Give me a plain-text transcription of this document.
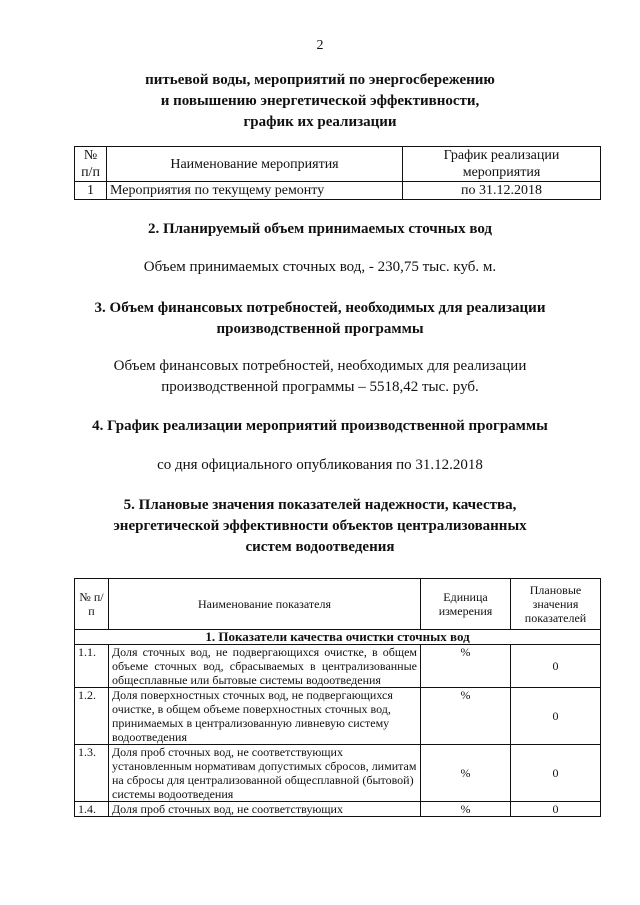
2
питьевой воды, мероприятий по энергосбережению
и повышению энергетической эффективности,
график их реализации
№ п/п	Наименование мероприятия	График реализации мероприятия
1	Мероприятия по текущему ремонту	по 31.12.2018
2. Планируемый объем принимаемых сточных вод
Объем принимаемых сточных вод, - 230,75 тыс. куб. м.
3. Объем финансовых потребностей, необходимых для реализации
производственной программы
Объем финансовых потребностей, необходимых для реализации
производственной программы – 5518,42 тыс. руб.
4. График реализации мероприятий производственной программы
со дня официального опубликования по 31.12.2018
5. Плановые значения показателей надежности, качества,
энергетической эффективности объектов централизованных
систем водоотведения
№ п/п	Наименование показателя	Единица измерения	Плановые значения показателей
1. Показатели качества очистки сточных вод			
1.1.	Доля сточных вод, не подвергающихся очистке, в общем объеме сточных вод, сбрасываемых в централизованные общесплавные или бытовые системы водоотведения	%	0
1.2.	Доля поверхностных сточных вод, не подвергающихся очистке, в общем объеме поверхностных сточных вод, принимаемых в централизованную ливневую систему водоотведения	%	0
1.3.	Доля проб сточных вод, не соответствующих установленным нормативам допустимых сбросов, лимитам на сбросы для централизованной общесплавной (бытовой) системы водоотведения	%	0
1.4.	Доля проб сточных вод, не соответствующих	%	0
